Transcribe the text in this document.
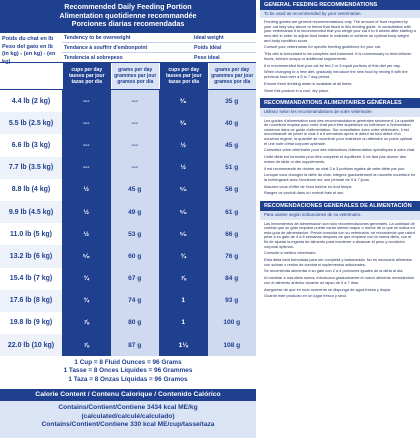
Recommended Daily Feeding Portion
Alimentation quotidienne recommandée
Porciones diarias recomendadas
Weight of cat in lb
Poids du chat en lb
Peso del gato en lb
(in kg) - (en kg) - (en kg)
Tendency to be overweight	Ideal weight
Tendance à souffrir d'embonpoint	Poids idéal
Tendencia al sobrepeso	Peso ideal
cups per day tasses par jour tazas por día
grams per day grammes par jour gramos por día
cups per day tasses par jour tazas por día
grams per day grammes par jour gramos por día
4.4 lb (2 kg)	---	---	³⁄₈	35 g
5.5 lb (2.5 kg)	---	---	³⁄₈	40 g
6.6 lb (3 kg)	---	---	½	45 g
7.7 lb (3.5 kg)	---	---	½	51 g
8.8 lb (4 kg)	½	45 g	⁵⁄₈	56 g
9.9 lb (4.5 kg)	½	49 g	⁵⁄₈	61 g
11.0 lb (5 kg)	½	53 g	⁵⁄₈	66 g
13.2 lb (6 kg)	⁵⁄₈	60 g	¾	76 g
15.4 lb (7 kg)	¾	67 g	⅞	84 g
17.6 lb (8 kg)	¾	74 g	1	93 g
19.8 lb (9 kg)	⅞	80 g	1	100 g
22.0 lb (10 kg)	⅞	87 g	1⅛	108 g
1 Cup = 8 Fluid Ounces = 96 Grams
1 Tasse = 8 Onces Liquides = 96 Grammes
1 Taza = 8 Onzas Líquidas = 96 Gramos
Calorie Content / Contenu Calorique / Contenido Calórico
Contains/Contient/Contiene 3434 kcal ME/kg
(calculated/calculé/calculado)
Contains/Contient/Contiene 330 kcal ME/cup/tasse/taza
GENERAL FEEDING RECOMMENDATIONS
To be used as recommended by your veterinarian.

Feeding guides are general recommendations only. The amount of food required by your cat may vary above or below that listed in this feeding guide. In consultation with your veterinarian it is recommended that you weigh your cat 4 to 6 weeks after starting a new diet in order to adjust food intake to maintain or achieve an optimal body weight and body condition score.

Consult your veterinarian for specific feeding guidelines for your cat.

This diet is formulated to be complete and balanced. It is unnecessary to feed leftover foods, kitchen scraps or additional supplements.

It is recommended that your cat be fed 2 or 3 equal portions of this diet per day.

When changing to a new diet, gradually introduce the new food by mixing it with the previous food over a 5 to 7 day period.

Ensure fresh drinking water is available at all times.

Store this product in a cool, dry place.

RECOMMANDATIONS ALIMENTAIRES GÉNÉRALES
Utilisez selon les recommandations de votre vétérinaire.

Les guides d'alimentation sont des recommandations générales seulement. La quantité de nourriture requise pour votre chat peut être supérieure ou inférieure à l'information contenue dans ce guide d'alimentation. Sur consultation avec votre vétérinaire, il est recommandé de peser le chat 4 à 6 semaines après le début du tout début d'un nouveau régime, la quantité de nourriture pour maintenir ou atteindre un poids optimal et une note d'état corporel optimale.

Consultez votre vétérinaire pour des instructions d'alimentation spécifiques à votre chat.

Cette diète est formulée pour être complète et équilibrée. Il ne faut pas donner des restes de table ni des suppléments.

Il est recommandé de donner au chat 2 à 3 portions égales de cette diète par jour.

Lorsque vous changez la diète du chat, intégrez graduellement la nouvelle nourriture en la mélangeant avec l'ancienne sur une période de 5 à 7 jours.

Assurez-vous d'offrir de l'eau fraîche en tout temps.

Rangez ce produit dans un endroit frais et sec.

RECOMENDACIONES GENERALES DE ALIMENTACIÓN
Para usarse según indicaciones de su veterinario.

Las lineamientos de alimentación son sólo recomendaciones generales. La cantidad de comida que su gato requiere puede variar siendo mayor o menor de lo que se indica en esta guía de alimentación. Previa consulta con su veterinario, se recomienda que usted pese a su gato de 4 a 6 semanas después de que empiece con la nueva dieta, con el fin de ajustar la ingesta de alimento para mantener o alcanzar el peso y condición corporal óptimos.

Consulte a médico veterinario.

Esta dieta está formulada para ser completa y balanceada. No es necesario alimentar con sobras o restos de comida ni suplementos adicionales.

Se recomienda alimentar a su gato con 2 a 4 porciones iguales de la dieta al día.

Al cambiar a una dieta nueva, introduzca gradualmente el nuevo alimento mezclándolo con el alimento anterior durante un lapso de 5 a 7 días.

Asegúrese de que en todo momento se disponga de agua fresca y limpia.

Guarde este producto en un lugar fresco y seco.
